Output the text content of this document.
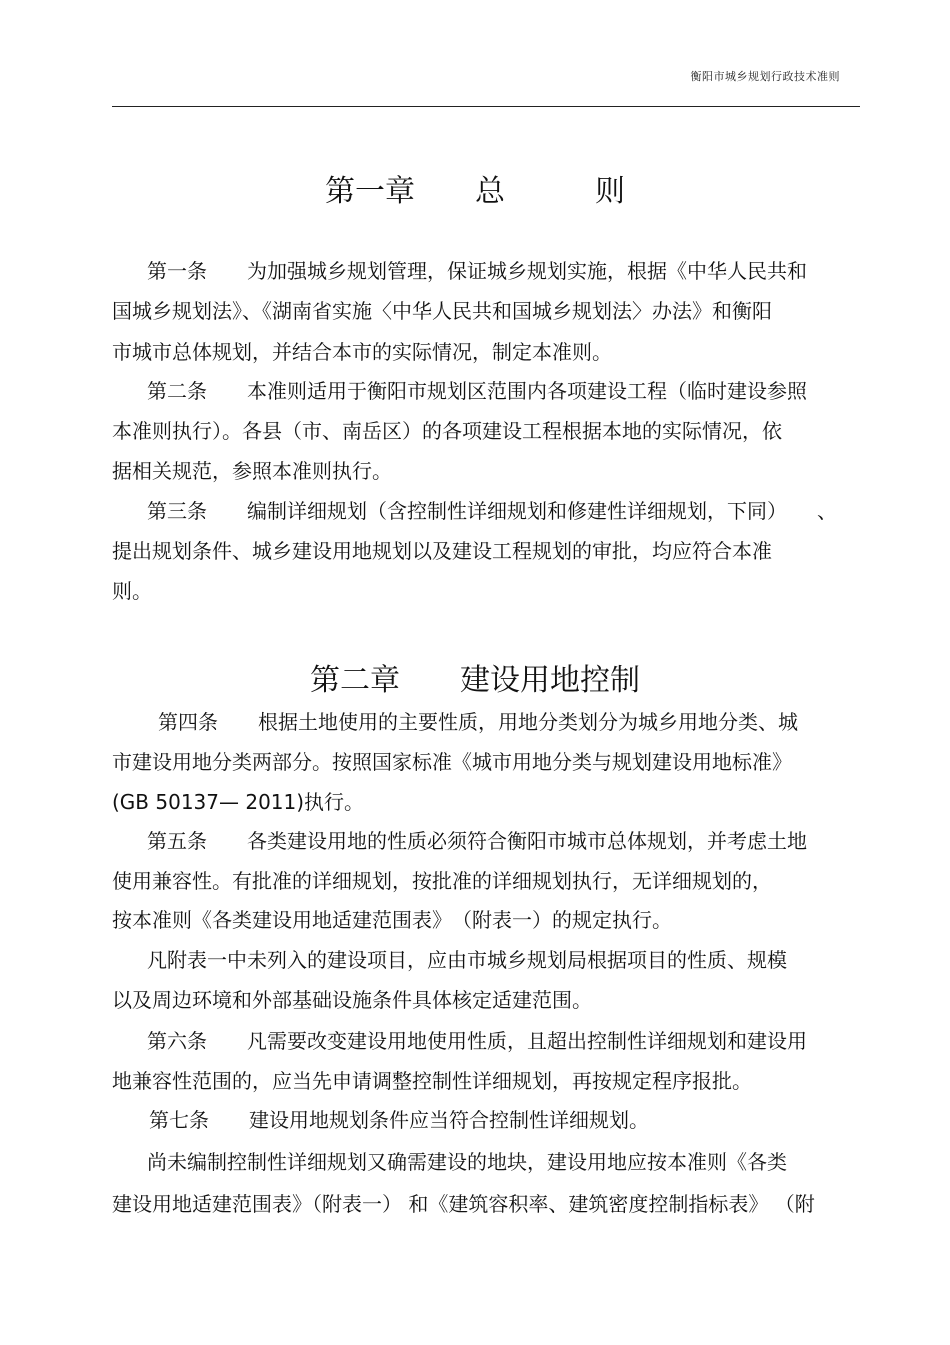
衡阳市城乡规划行政技术准则
第一章　　总　　　则
第一条　　为加强城乡规划管理，保证城乡规划实施，根据《中华人民共和
国城乡规划法》、《湖南省实施〈中华人民共和国城乡规划法〉办法》和衡阳
市城市总体规划，并结合本市的实际情况，制定本准则。
第二条　　本准则适用于衡阳市规划区范围内各项建设工程（临时建设参照
本准则执行）。各县（市、南岳区）的各项建设工程根据本地的实际情况，依
据相关规范，参照本准则执行。
第三条　　编制详细规划（含控制性详细规划和修建性详细规划，下同）　　、
提出规划条件、城乡建设用地规划以及建设工程规划的审批，均应符合本准
则。
第二章　　建设用地控制
第四条　　根据土地使用的主要性质，用地分类划分为城乡用地分类、城
市建设用地分类两部分。按照国家标准《城市用地分类与规划建设用地标准》
(GB 50137— 2011)执行。
第五条　　各类建设用地的性质必须符合衡阳市城市总体规划，并考虑土地
使用兼容性。有批准的详细规划，按批准的详细规划执行，无详细规划的，
按本准则《各类建设用地适建范围表》　（附表一）的规定执行。
凡附表一中未列入的建设项目，应由市城乡规划局根据项目的性质、规模
以及周边环境和外部基础设施条件具体核定适建范围。
第六条　　凡需要改变建设用地使用性质，且超出控制性详细规划和建设用
地兼容性范围的，应当先申请调整控制性详细规划，再按规定程序报批。
第七条　　建设用地规划条件应当符合控制性详细规划。
尚未编制控制性详细规划又确需建设的地块，建设用地应按本准则《各类
建设用地适建范围表》（附表一） 和《建筑容积率、建筑密度控制指标表》 （附
